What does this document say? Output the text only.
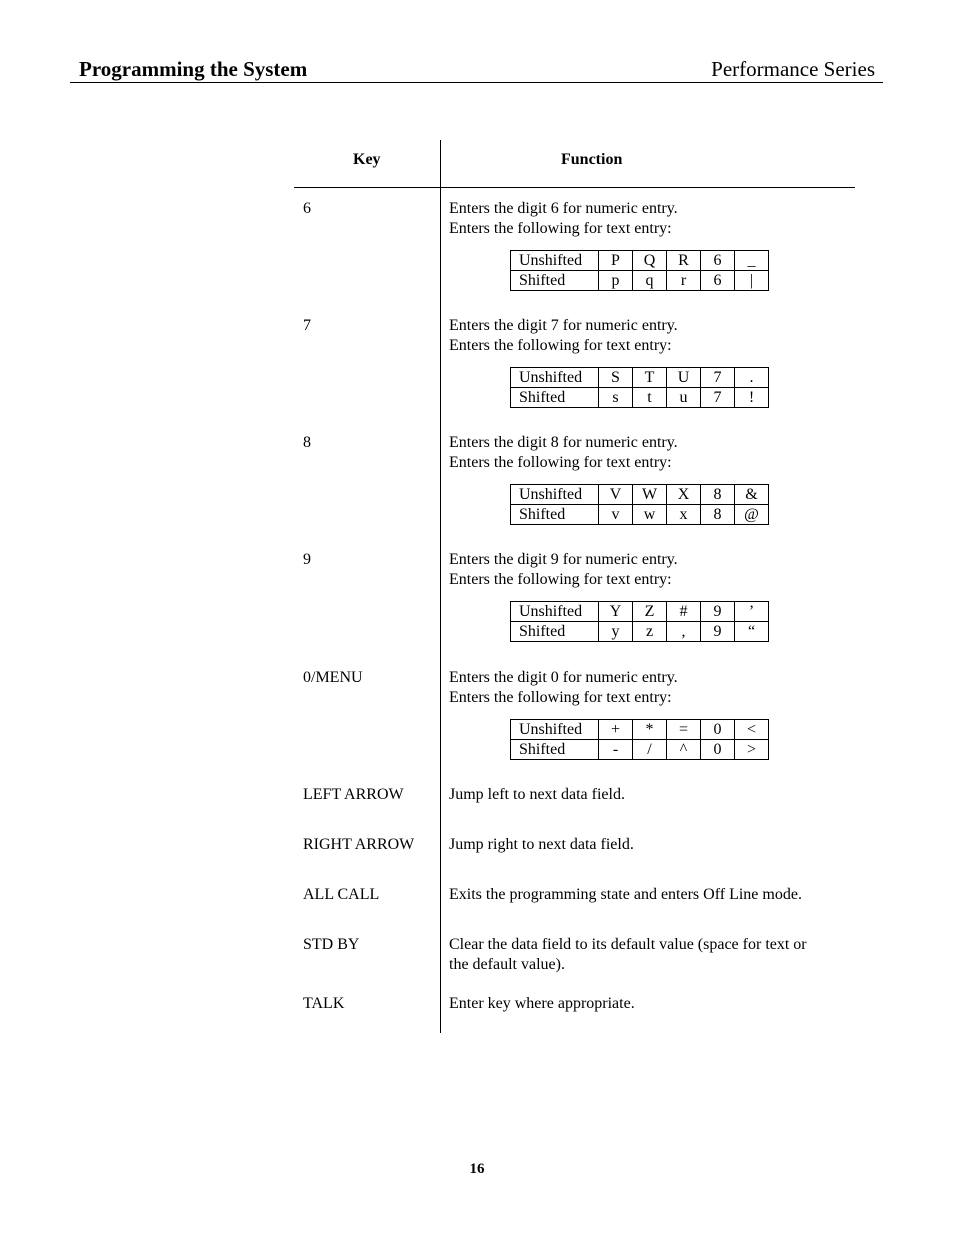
Programming the System	Performance Series
Key	Function
6	Enters the digit 6 for numeric entry.
Enters the following for text entry:
Unshifted	P	Q	R	6	_
Shifted	p	q	r	6	|
7	Enters the digit 7 for numeric entry.
Enters the following for text entry:
Unshifted	S	T	U	7	.
Shifted	s	t	u	7	!
8	Enters the digit 8 for numeric entry.
Enters the following for text entry:
Unshifted	V	W	X	8	&
Shifted	v	w	x	8	@
9	Enters the digit 9 for numeric entry.
Enters the following for text entry:
Unshifted	Y	Z	#	9	’
Shifted	y	z	,	9	“
0/MENU	Enters the digit 0 for numeric entry.
Enters the following for text entry:
Unshifted	+	*	=	0	<
Shifted	-	/	^	0	>
LEFT ARROW	Jump left to next data field.
RIGHT ARROW Jump right to next data field.
ALL CALL	Exits the programming state and enters Off Line mode.
STD BY	Clear the data field to its default value (space for text or
the default value).
TALK	Enter key where appropriate.
16
